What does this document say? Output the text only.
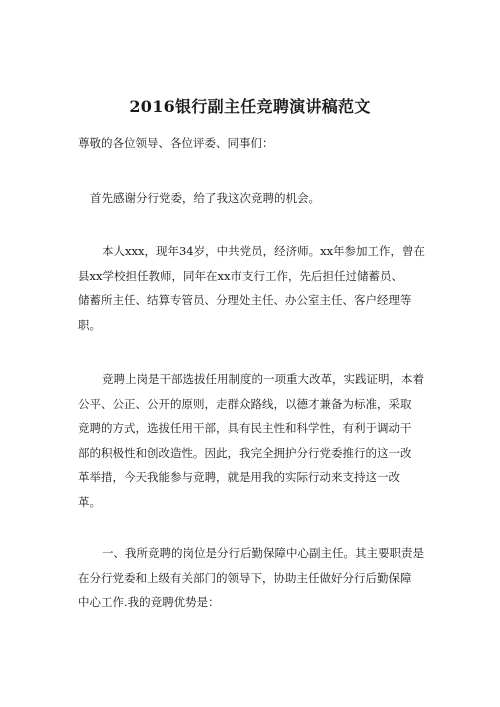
2016银行副主任竞聘演讲稿范文

尊敬的各位领导、各位评委、同事们：

首先感谢分行党委，给了我这次竞聘的机会。

本人xxx，现年34岁，中共党员，经济师。xx年参加工作，曾在
县xx学校担任教师，同年在xx市支行工作，先后担任过储蓄员、
储蓄所主任、结算专管员、分理处主任、办公室主任、客户经理等
职。

竞聘上岗是干部选拔任用制度的一项重大改革，实践证明，本着
公平、公正、公开的原则，走群众路线，以德才兼备为标准，采取
竞聘的方式，选拔任用干部，具有民主性和科学性，有利于调动干
部的积极性和创改造性。因此，我完全拥护分行党委推行的这一改
革举措，今天我能参与竞聘，就是用我的实际行动来支持这一改
革。

一、我所竞聘的岗位是分行后勤保障中心副主任。其主要职责是
在分行党委和上级有关部门的领导下，协助主任做好分行后勤保障
中心工作.我的竞聘优势是：
